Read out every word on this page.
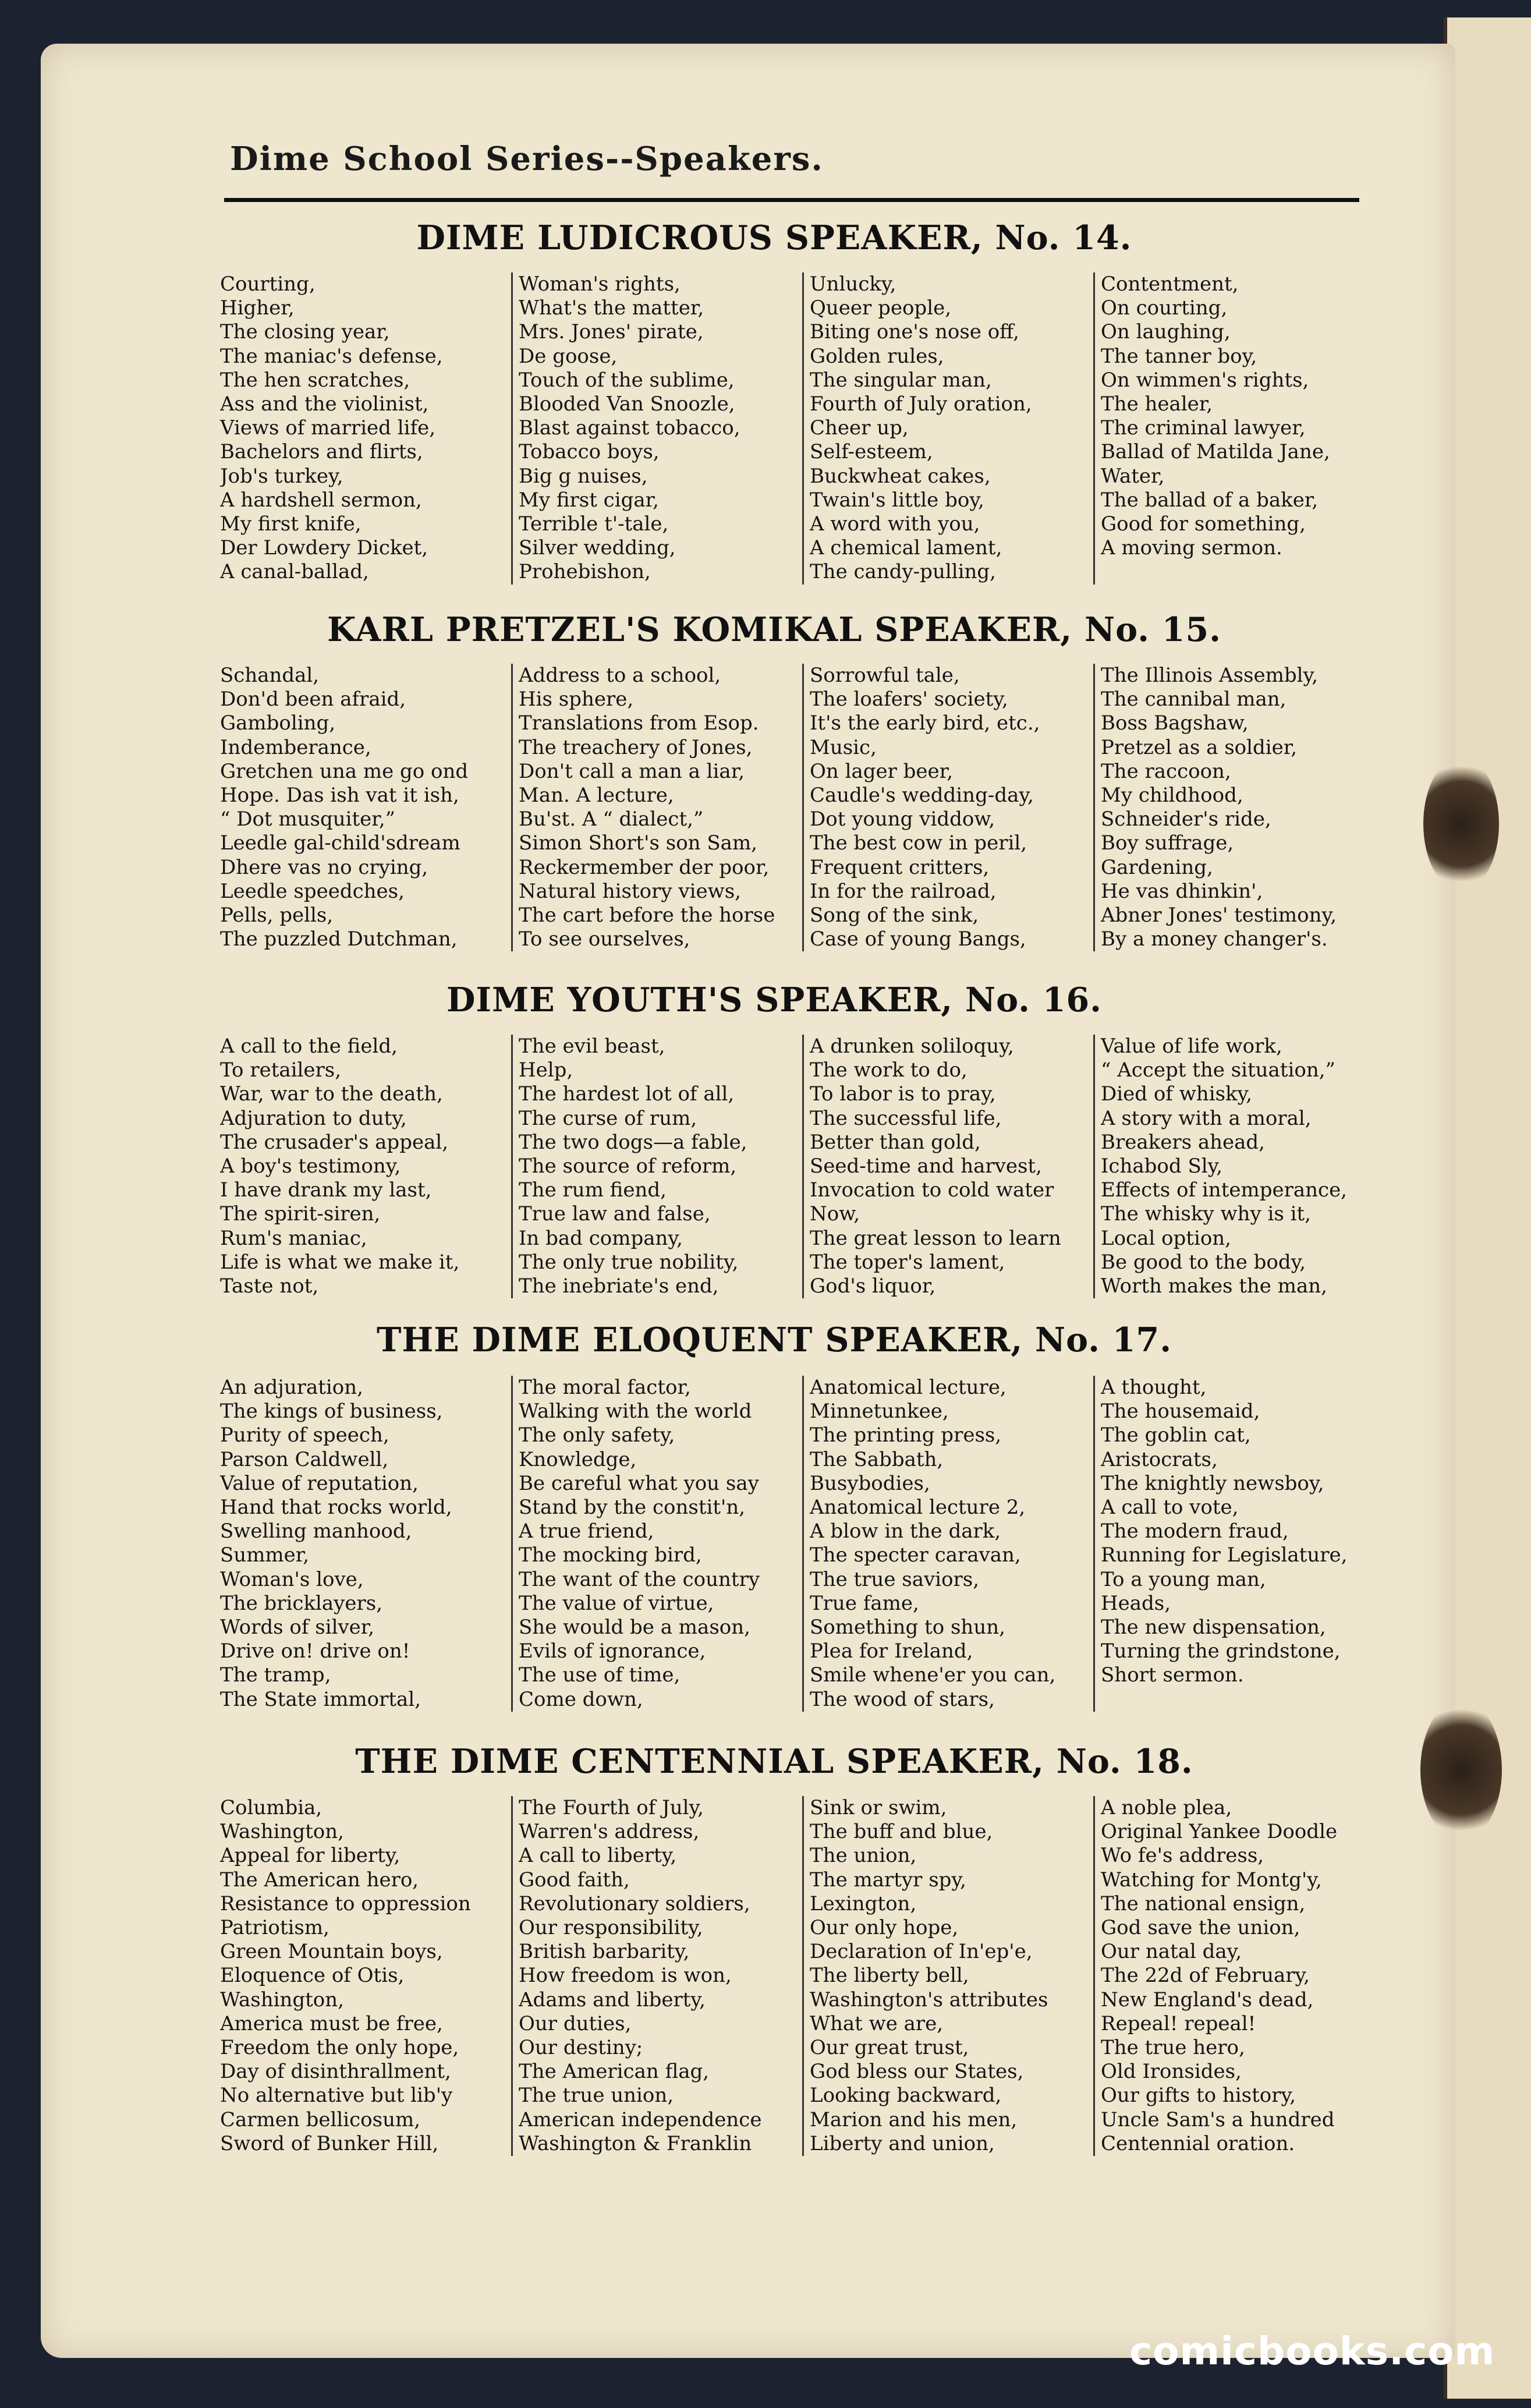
Dime School Series--Speakers.
DIME LUDICROUS SPEAKER, No. 14.
Courting,
Higher,
The closing year,
The maniac's defense,
The hen scratches,
Ass and the violinist,
Views of married life,
Bachelors and flirts,
Job's turkey,
A hardshell sermon,
My first knife,
Der Lowdery Dicket,
A canal-ballad,
Woman's rights,
What's the matter,
Mrs. Jones' pirate,
De goose,
Touch of the sublime,
Blooded Van Snoozle,
Blast against tobacco,
Tobacco boys,
Big g nuises,
My first cigar,
Terrible t'-tale,
Silver wedding,
Prohebishon,
Unlucky,
Queer people,
Biting one's nose off,
Golden rules,
The singular man,
Fourth of July oration,
Cheer up,
Self-esteem,
Buckwheat cakes,
Twain's little boy,
A word with you,
A chemical lament,
The candy-pulling,
Contentment,
On courting,
On laughing,
The tanner boy,
On wimmen's rights,
The healer,
The criminal lawyer,
Ballad of Matilda Jane,
Water,
The ballad of a baker,
Good for something,
A moving sermon.
KARL PRETZEL'S KOMIKAL SPEAKER, No. 15.
Schandal,
Don'd been afraid,
Gamboling,
Indemberance,
Gretchen una me go ond
Hope. Das ish vat it ish,
“ Dot musquiter,”
Leedle gal-child'sdream
Dhere vas no crying,
Leedle speedches,
Pells, pells,
The puzzled Dutchman,
Address to a school,
His sphere,
Translations from Esop.
The treachery of Jones,
Don't call a man a liar,
Man. A lecture,
Bu'st. A “ dialect,”
Simon Short's son Sam,
Reckermember der poor,
Natural history views,
The cart before the horse
To see ourselves,
Sorrowful tale,
The loafers' society,
It's the early bird, etc.,
Music,
On lager beer,
Caudle's wedding-day,
Dot young viddow,
The best cow in peril,
Frequent critters,
In for the railroad,
Song of the sink,
Case of young Bangs,
The Illinois Assembly,
The cannibal man,
Boss Bagshaw,
Pretzel as a soldier,
The raccoon,
My childhood,
Schneider's ride,
Boy suffrage,
Gardening,
He vas dhinkin',
Abner Jones' testimony,
By a money changer's.
DIME YOUTH'S SPEAKER, No. 16.
A call to the field,
To retailers,
War, war to the death,
Adjuration to duty,
The crusader's appeal,
A boy's testimony,
I have drank my last,
The spirit-siren,
Rum's maniac,
Life is what we make it,
Taste not,
The evil beast,
Help,
The hardest lot of all,
The curse of rum,
The two dogs—a fable,
The source of reform,
The rum fiend,
True law and false,
In bad company,
The only true nobility,
The inebriate's end,
A drunken soliloquy,
The work to do,
To labor is to pray,
The successful life,
Better than gold,
Seed-time and harvest,
Invocation to cold water
Now,
The great lesson to learn
The toper's lament,
God's liquor,
Value of life work,
“ Accept the situation,”
Died of whisky,
A story with a moral,
Breakers ahead,
Ichabod Sly,
Effects of intemperance,
The whisky why is it,
Local option,
Be good to the body,
Worth makes the man,
THE DIME ELOQUENT SPEAKER, No. 17.
An adjuration,
The kings of business,
Purity of speech,
Parson Caldwell,
Value of reputation,
Hand that rocks world,
Swelling manhood,
Summer,
Woman's love,
The bricklayers,
Words of silver,
Drive on! drive on!
The tramp,
The State immortal,
The moral factor,
Walking with the world
The only safety,
Knowledge,
Be careful what you say
Stand by the constit'n,
A true friend,
The mocking bird,
The want of the country
The value of virtue,
She would be a mason,
Evils of ignorance,
The use of time,
Come down,
Anatomical lecture,
Minnetunkee,
The printing press,
The Sabbath,
Busybodies,
Anatomical lecture 2,
A blow in the dark,
The specter caravan,
The true saviors,
True fame,
Something to shun,
Plea for Ireland,
Smile whene'er you can,
The wood of stars,
A thought,
The housemaid,
The goblin cat,
Aristocrats,
The knightly newsboy,
A call to vote,
The modern fraud,
Running for Legislature,
To a young man,
Heads,
The new dispensation,
Turning the grindstone,
Short sermon.
THE DIME CENTENNIAL SPEAKER, No. 18.
Columbia,
Washington,
Appeal for liberty,
The American hero,
Resistance to oppression
Patriotism,
Green Mountain boys,
Eloquence of Otis,
Washington,
America must be free,
Freedom the only hope,
Day of disinthrallment,
No alternative but lib'y
Carmen bellicosum,
Sword of Bunker Hill,
The Fourth of July,
Warren's address,
A call to liberty,
Good faith,
Revolutionary soldiers,
Our responsibility,
British barbarity,
How freedom is won,
Adams and liberty,
Our duties,
Our destiny;
The American flag,
The true union,
American independence
Washington & Franklin
Sink or swim,
The buff and blue,
The union,
The martyr spy,
Lexington,
Our only hope,
Declaration of In'ep'e,
The liberty bell,
Washington's attributes
What we are,
Our great trust,
God bless our States,
Looking backward,
Marion and his men,
Liberty and union,
A noble plea,
Original Yankee Doodle
Wo fe's address,
Watching for Montg'y,
The national ensign,
God save the union,
Our natal day,
The 22d of February,
New England's dead,
Repeal! repeal!
The true hero,
Old Ironsides,
Our gifts to history,
Uncle Sam's a hundred
Centennial oration.
comicbooks.com
